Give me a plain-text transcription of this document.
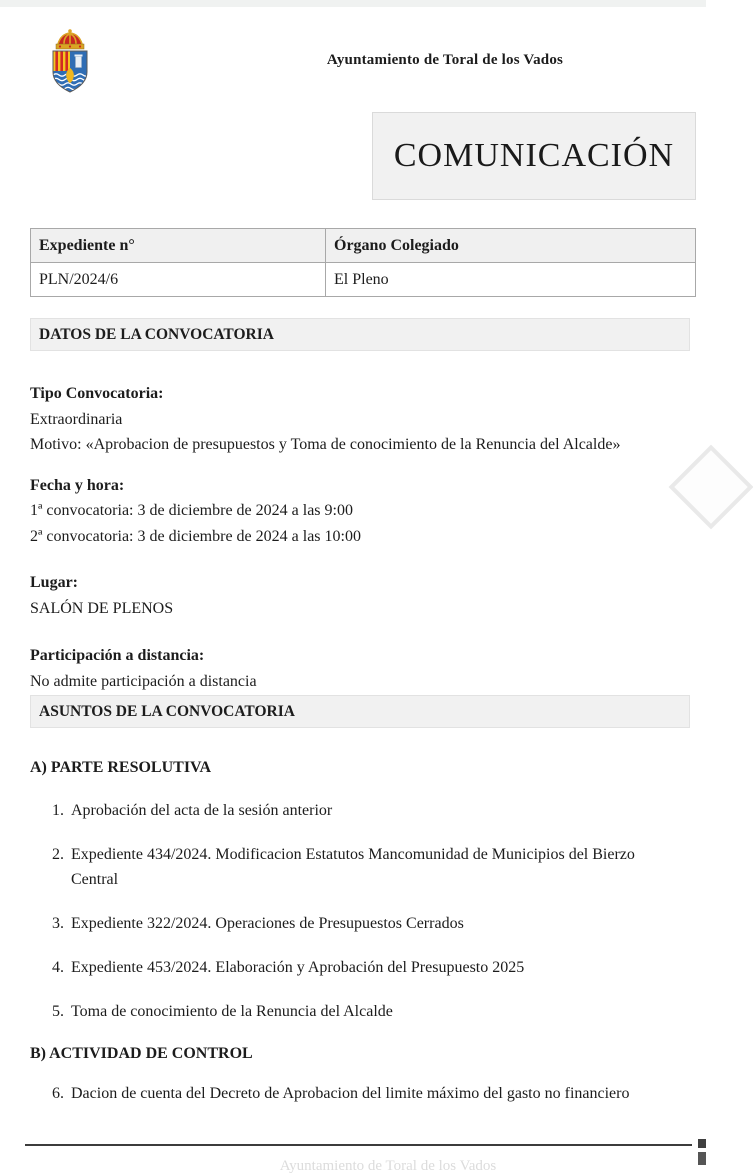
Ayuntamiento de Toral de los Vados
COMUNICACIÓN
Expediente n°	Órgano Colegiado
PLN/2024/6	El Pleno
DATOS DE LA CONVOCATORIA
Tipo Convocatoria:
Extraordinaria
Motivo: «Aprobacion de presupuestos y Toma de conocimiento de la Renuncia del Alcalde»
Fecha y hora:
1ª convocatoria: 3 de diciembre de 2024 a las 9:00
2ª convocatoria: 3 de diciembre de 2024 a las 10:00
Lugar:
SALÓN DE PLENOS
Participación a distancia:
No admite participación a distancia
ASUNTOS DE LA CONVOCATORIA
A) PARTE RESOLUTIVA
1. Aprobación del acta de la sesión anterior
2. Expediente 434/2024. Modificacion Estatutos Mancomunidad de Municipios del Bierzo Central
3. Expediente 322/2024. Operaciones de Presupuestos Cerrados
4. Expediente 453/2024. Elaboración y Aprobación del Presupuesto 2025
5. Toma de conocimiento de la Renuncia del Alcalde
B) ACTIVIDAD DE CONTROL
6. Dacion de cuenta del Decreto de Aprobacion del limite máximo del gasto no financiero
Ayuntamiento de Toral de los Vados
